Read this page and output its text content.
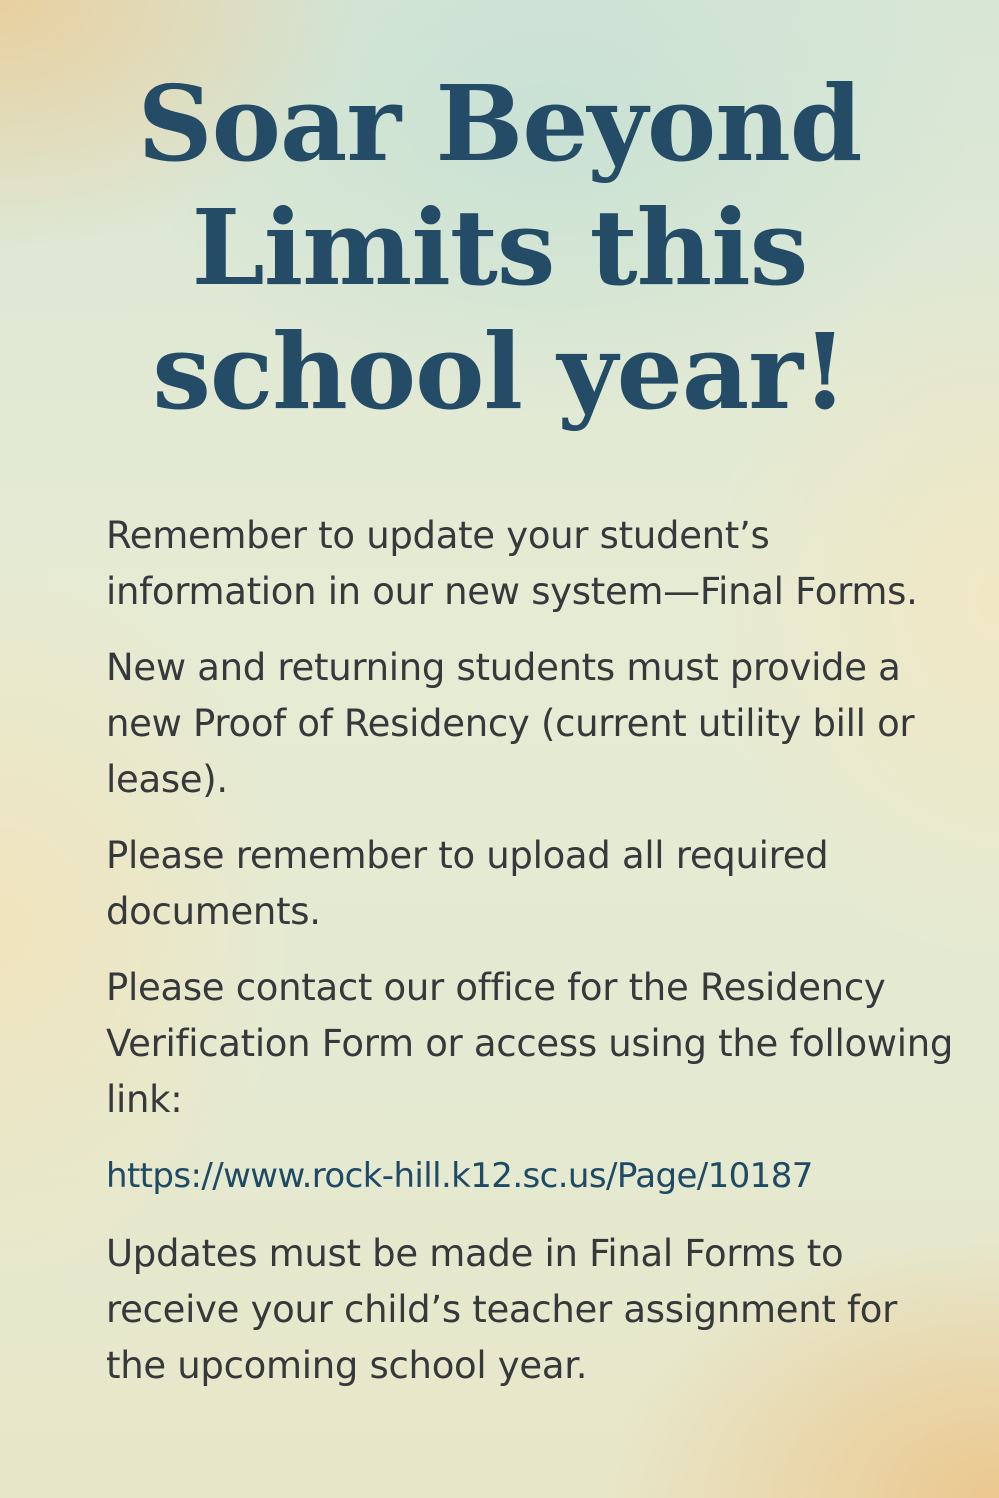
Soar Beyond Limits this school year!

Remember to update your student’s information in our new system—Final Forms.

New and returning students must provide a new Proof of Residency (current utility bill or lease).

Please remember to upload all required documents.

Please contact our office for the Residency Verification Form or access using the following link:

https://www.rock-hill.k12.sc.us/Page/10187

Updates must be made in Final Forms to receive your child’s teacher assignment for the upcoming school year.
